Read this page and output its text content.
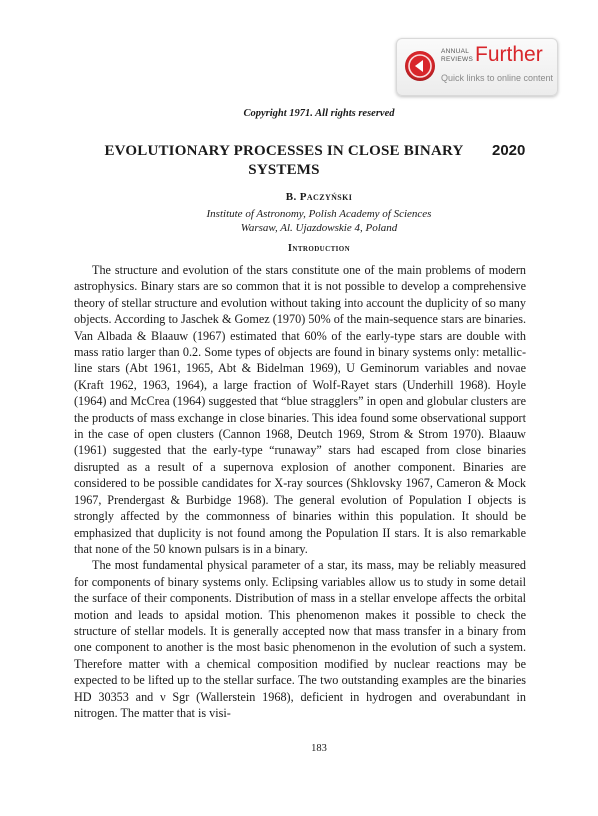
ANNUAL REVIEWS Further
Quick links to online content
Copyright 1971. All rights reserved
EVOLUTIONARY PROCESSES IN CLOSE BINARY SYSTEMS
2020
B. Paczyński
Institute of Astronomy, Polish Academy of Sciences
Warsaw, Al. Ujazdowskie 4, Poland
Introduction

The structure and evolution of the stars constitute one of the main problems of modern astrophysics. Binary stars are so common that it is not possible to develop a comprehensive theory of stellar structure and evolution without taking into account the duplicity of so many objects. According to Jaschek & Gomez (1970) 50% of the main-sequence stars are binaries. Van Albada & Blaauw (1967) estimated that 60% of the early-type stars are double with mass ratio larger than 0.2. Some types of objects are found in binary systems only: metallic-line stars (Abt 1961, 1965, Abt & Bidelman 1969), U Geminorum variables and novae (Kraft 1962, 1963, 1964), a large fraction of Wolf-Rayet stars (Underhill 1968). Hoyle (1964) and McCrea (1964) suggested that “blue stragglers” in open and globular clusters are the products of mass exchange in close binaries. This idea found some observational support in the case of open clusters (Cannon 1968, Deutch 1969, Strom & Strom 1970). Blaauw (1961) suggested that the early-type “runaway” stars had escaped from close binaries disrupted as a result of a supernova explosion of another component. Binaries are considered to be possible candidates for X-ray sources (Shklovsky 1967, Cameron & Mock 1967, Prendergast & Burbidge 1968). The general evolution of Population I objects is strongly affected by the commonness of binaries within this population. It should be emphasized that duplicity is not found among the Population II stars. It is also remarkable that none of the 50 known pulsars is in a binary.

The most fundamental physical parameter of a star, its mass, may be reliably measured for components of binary systems only. Eclipsing variables allow us to study in some detail the surface of their components. Distribution of mass in a stellar envelope affects the orbital motion and leads to apsidal motion. This phenomenon makes it possible to check the structure of stellar models. It is generally accepted now that mass transfer in a binary from one component to another is the most basic phenomenon in the evolution of such a system. Therefore matter with a chemical composition modified by nuclear reactions may be expected to be lifted up to the stellar surface. The two outstanding examples are the binaries HD 30353 and ν Sgr (Wallerstein 1968), deficient in hydrogen and overabundant in nitrogen. The matter that is visi-

183
